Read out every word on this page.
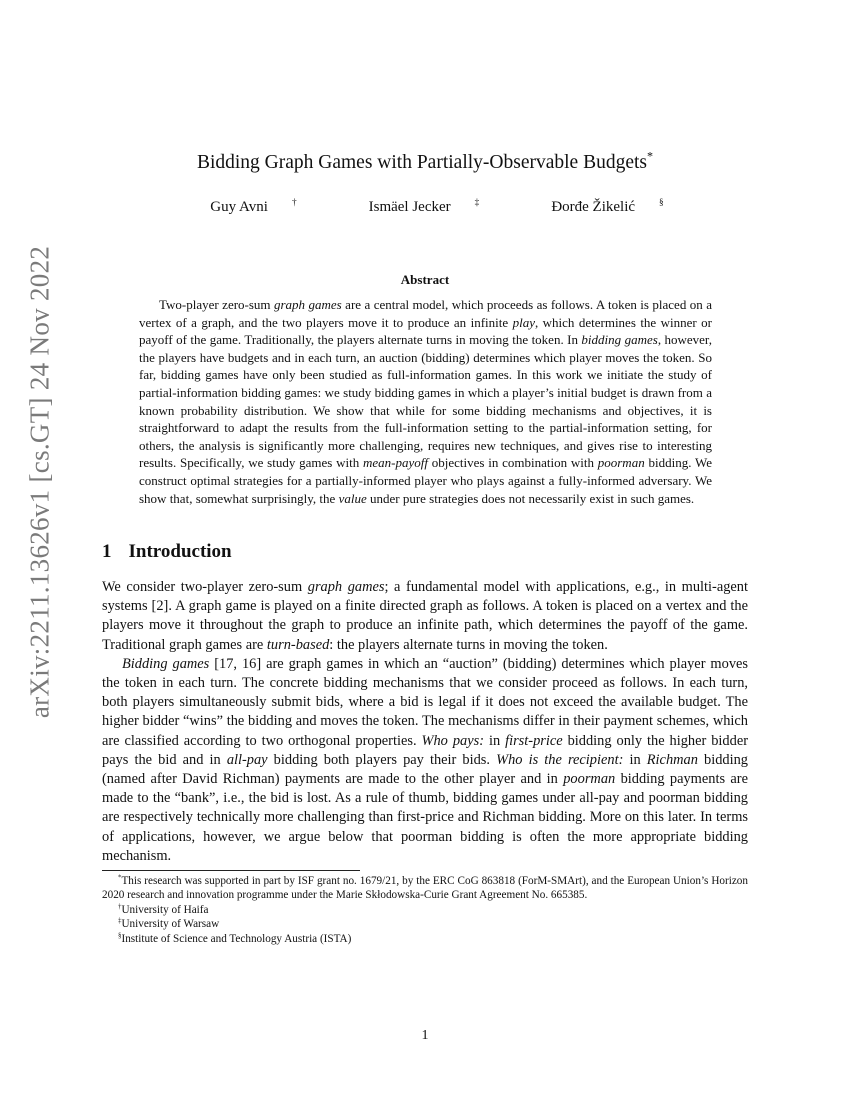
arXiv:2211.13626v1 [cs.GT] 24 Nov 2022
Bidding Graph Games with Partially-Observable Budgets*
Guy Avni	†	Ismäel Jecker	‡	Ðorđe Žikelić	§
Abstract

Two-player zero-sum graph games are a central model, which proceeds as follows. A token is placed on a vertex of a graph, and the two players move it to produce an infinite play, which determines the winner or payoff of the game. Traditionally, the players alternate turns in moving the token. In bidding games, however, the players have budgets and in each turn, an auction (bidding) determines which player moves the token. So far, bidding games have only been studied as full-information games. In this work we initiate the study of partial-information bidding games: we study bidding games in which a player’s initial budget is drawn from a known probability distribution. We show that while for some bidding mechanisms and objectives, it is straightforward to adapt the results from the full-information setting to the partial-information setting, for others, the analysis is significantly more challenging, requires new techniques, and gives rise to interesting results. Specifically, we study games with mean-payoff objectives in combination with poorman bidding. We construct optimal strategies for a partially-informed player who plays against a fully-informed adversary. We show that, somewhat surprisingly, the value under pure strategies does not necessarily exist in such games.

1 Introduction

We consider two-player zero-sum graph games; a fundamental model with applications, e.g., in multi-agent systems [2]. A graph game is played on a finite directed graph as follows. A token is placed on a vertex and the players move it throughout the graph to produce an infinite path, which determines the payoff of the game. Traditional graph games are turn-based: the players alternate turns in moving the token.

Bidding games [17, 16] are graph games in which an “auction” (bidding) determines which player moves the token in each turn. The concrete bidding mechanisms that we consider proceed as follows. In each turn, both players simultaneously submit bids, where a bid is legal if it does not exceed the available budget. The higher bidder “wins” the bidding and moves the token. The mechanisms differ in their payment schemes, which are classified according to two orthogonal properties. Who pays: in first-price bidding only the higher bidder pays the bid and in all-pay bidding both players pay their bids. Who is the recipient: in Richman bidding (named after David Richman) payments are made to the other player and in poorman bidding payments are made to the “bank”, i.e., the bid is lost. As a rule of thumb, bidding games under all-pay and poorman bidding are respectively technically more challenging than first-price and Richman bidding. More on this later. In terms of applications, however, we argue below that poorman bidding is often the more appropriate bidding mechanism.

*This research was supported in part by ISF grant no. 1679/21, by the ERC CoG 863818 (ForM-SMArt), and the European Union’s Horizon 2020 research and innovation programme under the Marie Skłodowska-Curie Grant Agreement No. 665385.

†University of Haifa

‡University of Warsaw

§Institute of Science and Technology Austria (ISTA)

1
